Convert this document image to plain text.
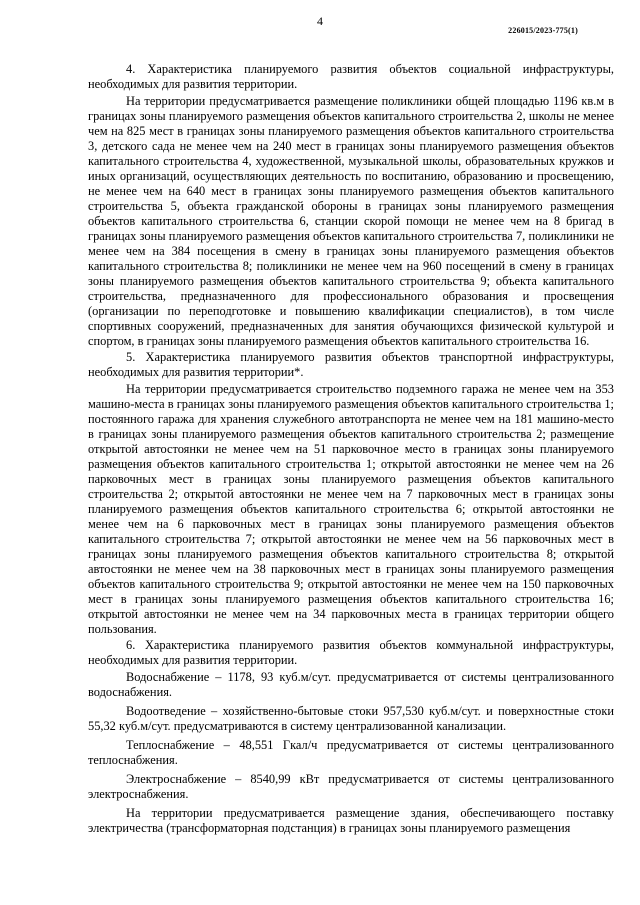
4
226015/2023-775(1)

4. Характеристика планируемого развития объектов социальной инфраструктуры, необходимых для развития территории.

На территории предусматривается размещение поликлиники общей площадью 1196 кв.м в границах зоны планируемого размещения объектов капитального строительства 2, школы не менее чем на 825 мест в границах зоны планируемого размещения объектов капитального строительства 3, детского сада не менее чем на 240 мест в границах зоны планируемого размещения объектов капитального строительства 4, художественной, музыкальной школы, образовательных кружков и иных организаций, осуществляющих деятельность по воспитанию, образованию и просвещению, не менее чем на 640 мест в границах зоны планируемого размещения объектов капитального строительства 5, объекта гражданской обороны в границах зоны планируемого размещения объектов капитального строительства 6, станции скорой помощи не менее чем на 8 бригад в границах зоны планируемого размещения объектов капитального строительства 7, поликлиники не менее чем на 384 посещения в смену в границах зоны планируемого размещения объектов капитального строительства 8; поликлиники не менее чем на 960 посещений в смену в границах зоны планируемого размещения объектов капитального строительства 9; объекта капитального строительства, предназначенного для профессионального образования и просвещения (организации по переподготовке и повышению квалификации специалистов), в том числе спортивных сооружений, предназначенных для занятия обучающихся физической культурой и спортом, в границах зоны планируемого размещения объектов капитального строительства 16.

5. Характеристика планируемого развития объектов транспортной инфраструктуры, необходимых для развития территории*.

На территории предусматривается строительство подземного гаража не менее чем на 353 машино-места в границах зоны планируемого размещения объектов капитального строительства 1; постоянного гаража для хранения служебного автотранспорта не менее чем на 181 машино-место в границах зоны планируемого размещения объектов капитального строительства 2; размещение открытой автостоянки не менее чем на 51 парковочное место в границах зоны планируемого размещения объектов капитального строительства 1; открытой автостоянки не менее чем на 26 парковочных мест в границах зоны планируемого размещения объектов капитального строительства 2; открытой автостоянки не менее чем на 7 парковочных мест в границах зоны планируемого размещения объектов капитального строительства 6; открытой автостоянки не менее чем на 6 парковочных мест в границах зоны планируемого размещения объектов капитального строительства 7; открытой автостоянки не менее чем на 56 парковочных мест в границах зоны планируемого размещения объектов капитального строительства 8; открытой автостоянки не менее чем на 38 парковочных мест в границах зоны планируемого размещения объектов капитального строительства 9; открытой автостоянки не менее чем на 150 парковочных мест в границах зоны планируемого размещения объектов капитального строительства 16; открытой автостоянки не менее чем на 34 парковочных места в границах территории общего пользования.

6. Характеристика планируемого развития объектов коммунальной инфраструктуры, необходимых для развития территории.

Водоснабжение – 1178, 93 куб.м/сут. предусматривается от системы централизованного водоснабжения.

Водоотведение – хозяйственно-бытовые стоки 957,530 куб.м/сут. и поверхностные стоки 55,32 куб.м/сут. предусматриваются в систему централизованной канализации.

Теплоснабжение – 48,551 Гкал/ч предусматривается от системы централизованного теплоснабжения.

Электроснабжение – 8540,99 кВт предусматривается от системы централизованного электроснабжения.

На территории предусматривается размещение здания, обеспечивающего поставку электричества (трансформаторная подстанция) в границах зоны планируемого размещения
